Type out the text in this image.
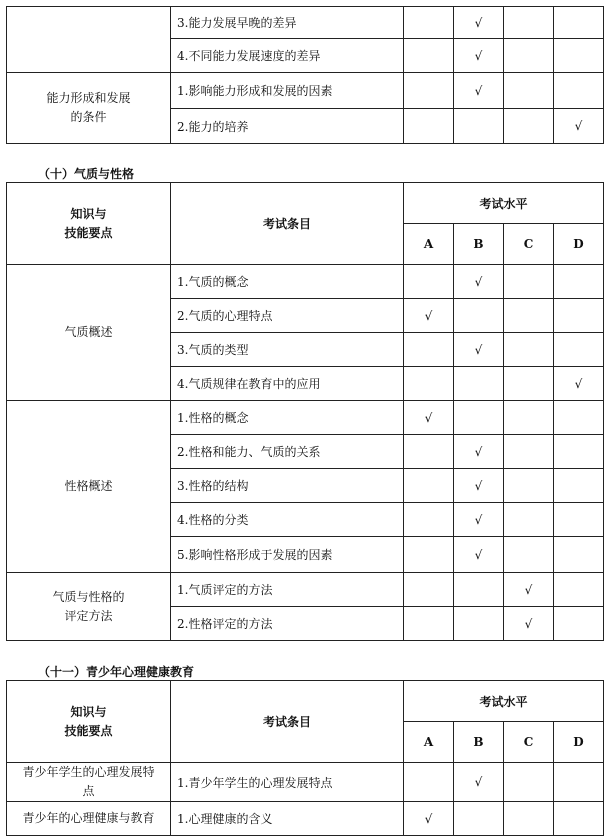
	3.能力发展早晚的差异		√		
	4.不同能力发展速度的差异		√		
能力形成和发展
的条件	1.影响能力形成和发展的因素		√		
	2.能力的培养				√
（十）气质与性格
知识与
技能要点	考试条目	考试水平			
		A	B	C	D
气质概述	1.气质的概念		√		
	2.气质的心理特点	√			
	3.气质的类型		√		
	4.气质规律在教育中的应用				√
性格概述	1.性格的概念	√			
	2.性格和能力、气质的关系		√		
	3.性格的结构		√		
	4.性格的分类		√		
	5.影响性格形成于发展的因素		√		
气质与性格的
评定方法	1.气质评定的方法			√	
	2.性格评定的方法			√	
（十一）青少年心理健康教育
知识与
技能要点	考试条目	考试水平			
		A	B	C	D
青少年学生的心理发展特
点	1.青少年学生的心理发展特点		√		
青少年的心理健康与教育	1.心理健康的含义	√			
